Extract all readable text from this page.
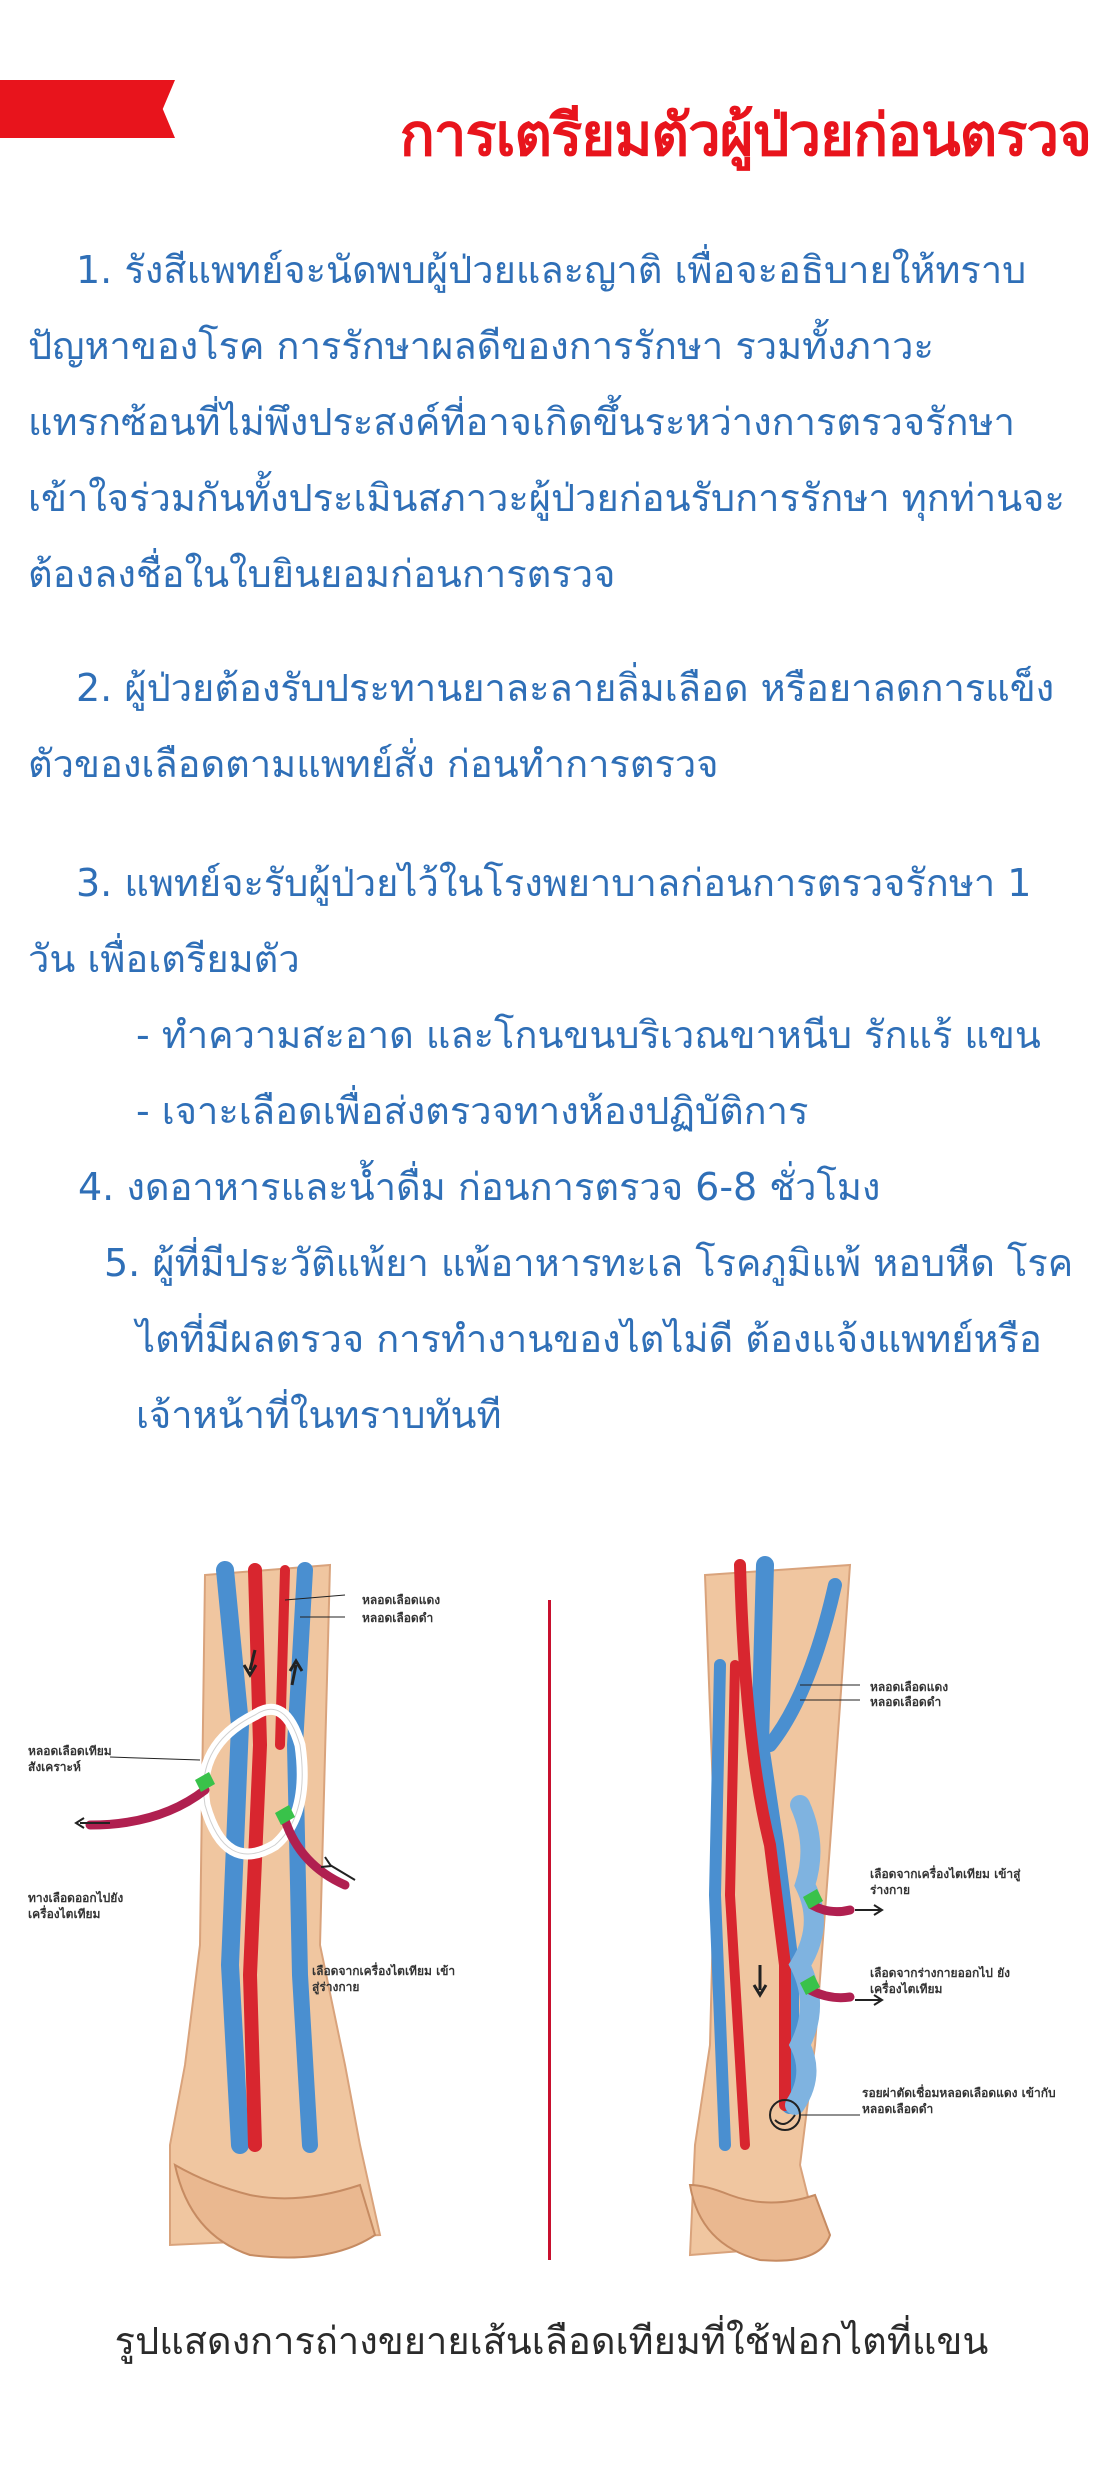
การเตรียมตัวผู้ป่วยก่อนตรวจ
1. รังสีแพทย์จะนัดพบผู้ป่วยและญาติ เพื่อจะอธิบายให้ทราบปัญหาของโรค การรักษาผลดีของการรักษา รวมทั้งภาวะแทรกซ้อนที่ไม่พึงประสงค์ที่อาจเกิดขึ้นระหว่างการตรวจรักษาเข้าใจร่วมกันทั้งประเมินสภาวะผู้ป่วยก่อนรับการรักษา ทุกท่านจะต้องลงชื่อในใบยินยอมก่อนการตรวจ
2. ผู้ป่วยต้องรับประทานยาละลายลิ่มเลือด หรือยาลดการแข็งตัวของเลือดตามแพทย์สั่ง ก่อนทำการตรวจ

3. แพทย์จะรับผู้ป่วยไว้ในโรงพยาบาลก่อนการตรวจรักษา 1 วัน เพื่อเตรียมตัว

- ทำความสะอาด และโกนขนบริเวณขาหนีบ รักแร้ แขน

- เจาะเลือดเพื่อส่งตรวจทางห้องปฏิบัติการ

4. งดอาหารและน้ำดื่ม ก่อนการตรวจ 6-8 ชั่วโมง

5. ผู้ที่มีประวัติแพ้ยา แพ้อาหารทะเล โรคภูมิแพ้ หอบหืด โรคไตที่มีผลตรวจ การทำงานของไตไม่ดี ต้องแจ้งแพทย์หรือเจ้าหน้าที่ในทราบทันที

หลอดเลือดแดง
หลอดเลือดดำ
หลอดเลือดเทียม สังเคราะห์
ทางเลือดออกไปยัง เครื่องไตเทียม
เลือดจากเครื่องไตเทียม เข้าสู่ร่างกาย
หลอดเลือดแดง
หลอดเลือดดำ
เลือดจากเครื่องไตเทียม เข้าสู่ร่างกาย
เลือดจากร่างกายออกไป ยังเครื่องไตเทียม
รอยผ่าตัดเชื่อมหลอดเลือดแดง เข้ากับหลอดเลือดดำ
รูปแสดงการถ่างขยายเส้นเลือดเทียมที่ใช้ฟอกไตที่แขน
